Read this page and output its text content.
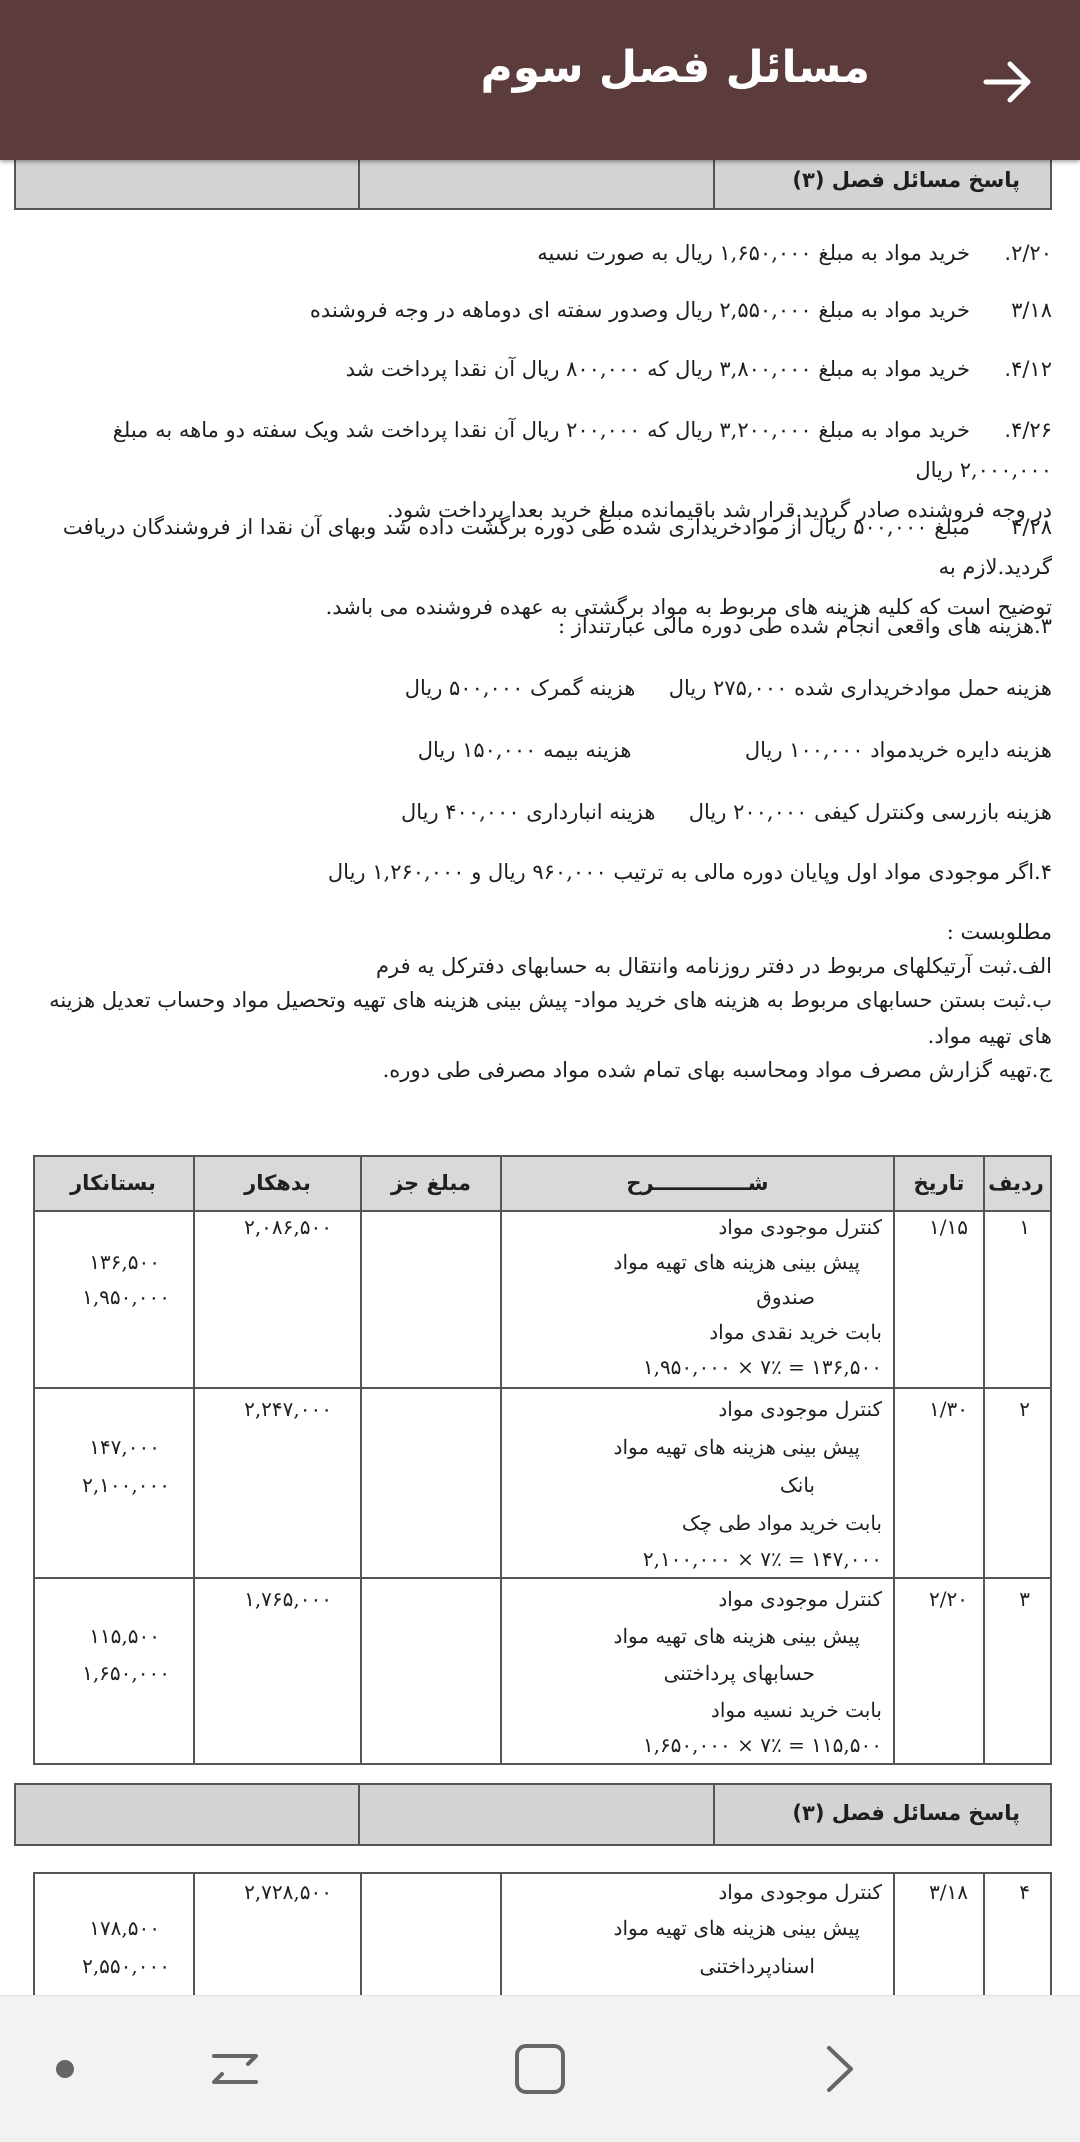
مسائل فصل سوم
پاسخ مسائل فصل (۳)
۲/۲۰.   خرید مواد به مبلغ ۱,۶۵۰,۰۰۰ ریال به صورت نسیه
۳/۱۸   خرید مواد به مبلغ ۲,۵۵۰,۰۰۰ ریال وصدور سفته ای دوماهه در وجه فروشنده
۴/۱۲.   خرید مواد به مبلغ ۳,۸۰۰,۰۰۰ ریال که ۸۰۰,۰۰۰ ریال آن نقدا پرداخت شد
۴/۲۶.   خرید مواد به مبلغ ۳,۲۰۰,۰۰۰ ریال که ۲۰۰,۰۰۰ ریال آن نقدا پرداخت شد ویک سفته دو ماهه به مبلغ ۲,۰۰۰,۰۰۰ ریال
در وجه فروشنده صادر گردید.قرار شد باقیمانده مبلغ خرید بعدا پرداخت شود.
۴/۲۸   مبلغ ۵۰۰,۰۰۰ ریال از موادخریداری شده طی دوره برگشت داده شد وبهای آن نقدا از فروشندگان دریافت گردید.لازم به
توضیح است که کلیه هزینه های مربوط به مواد برگشتی به عهده فروشنده می باشد.
۳.هزینه های واقعی انجام شده طی دوره مالی عبارتنداز :
هزینه حمل موادخریداری شده ۲۷۵,۰۰۰ ریال     هزینه گمرک ۵۰۰,۰۰۰ ریال
هزینه دایره خریدمواد ۱۰۰,۰۰۰ ریال  هزینه بیمه ۱۵۰,۰۰۰ ریال
هزینه بازرسی وکنترل کیفی ۲۰۰,۰۰۰ ریال     هزینه انبارداری ۴۰۰,۰۰۰ ریال
۴.اگر موجودی مواد اول وپایان دوره مالی به ترتیب ۹۶۰,۰۰۰ ریال و ۱,۲۶۰,۰۰۰ ریال
مطلوبست :
الف.ثبت آرتیکلهای مربوط در دفتر روزنامه وانتقال به حسابهای دفترکل یه فرم
ب.ثبت بستن حسابهای مربوط به هزینه های خرید مواد- پیش بینی هزینه های تهیه وتحصیل مواد وحساب تعدیل هزینه
های تهیه مواد.
ج.تهیه گزارش مصرف مواد ومحاسبه بهای تمام شده مواد مصرفی طی دوره.
ردیف
تاریخ
شـــــــــــــرح
مبلغ جز
بدهکار
بستانکار
۱
۱/۱۵
کنترل موجودی مواد
پیش بینی هزینه های تهیه مواد
صندوق
بابت خرید نقدی مواد
۱,۹۵۰,۰۰۰ × ۷٪ = ۱۳۶,۵۰۰
۲,۰۸۶,۵۰۰
۱۳۶,۵۰۰
۱,۹۵۰,۰۰۰
۲
۱/۳۰
کنترل موجودی مواد
پیش بینی هزینه های تهیه مواد
بانک
بابت خرید مواد طی چک
۲,۱۰۰,۰۰۰ × ۷٪ = ۱۴۷,۰۰۰
۲,۲۴۷,۰۰۰
۱۴۷,۰۰۰
۲,۱۰۰,۰۰۰
۳
۲/۲۰
کنترل موجودی مواد
پیش بینی هزینه های تهیه مواد
حسابهای پرداختنی
بابت خرید نسیه مواد
۱,۶۵۰,۰۰۰ × ۷٪ = ۱۱۵,۵۰۰
۱,۷۶۵,۰۰۰
۱۱۵,۵۰۰
۱,۶۵۰,۰۰۰
پاسخ مسائل فصل (۳)
۴
۳/۱۸
کنترل موجودی مواد
پیش بینی هزینه های تهیه مواد
اسنادپرداختنی
۲,۷۲۸,۵۰۰
۱۷۸,۵۰۰
۲,۵۵۰,۰۰۰
